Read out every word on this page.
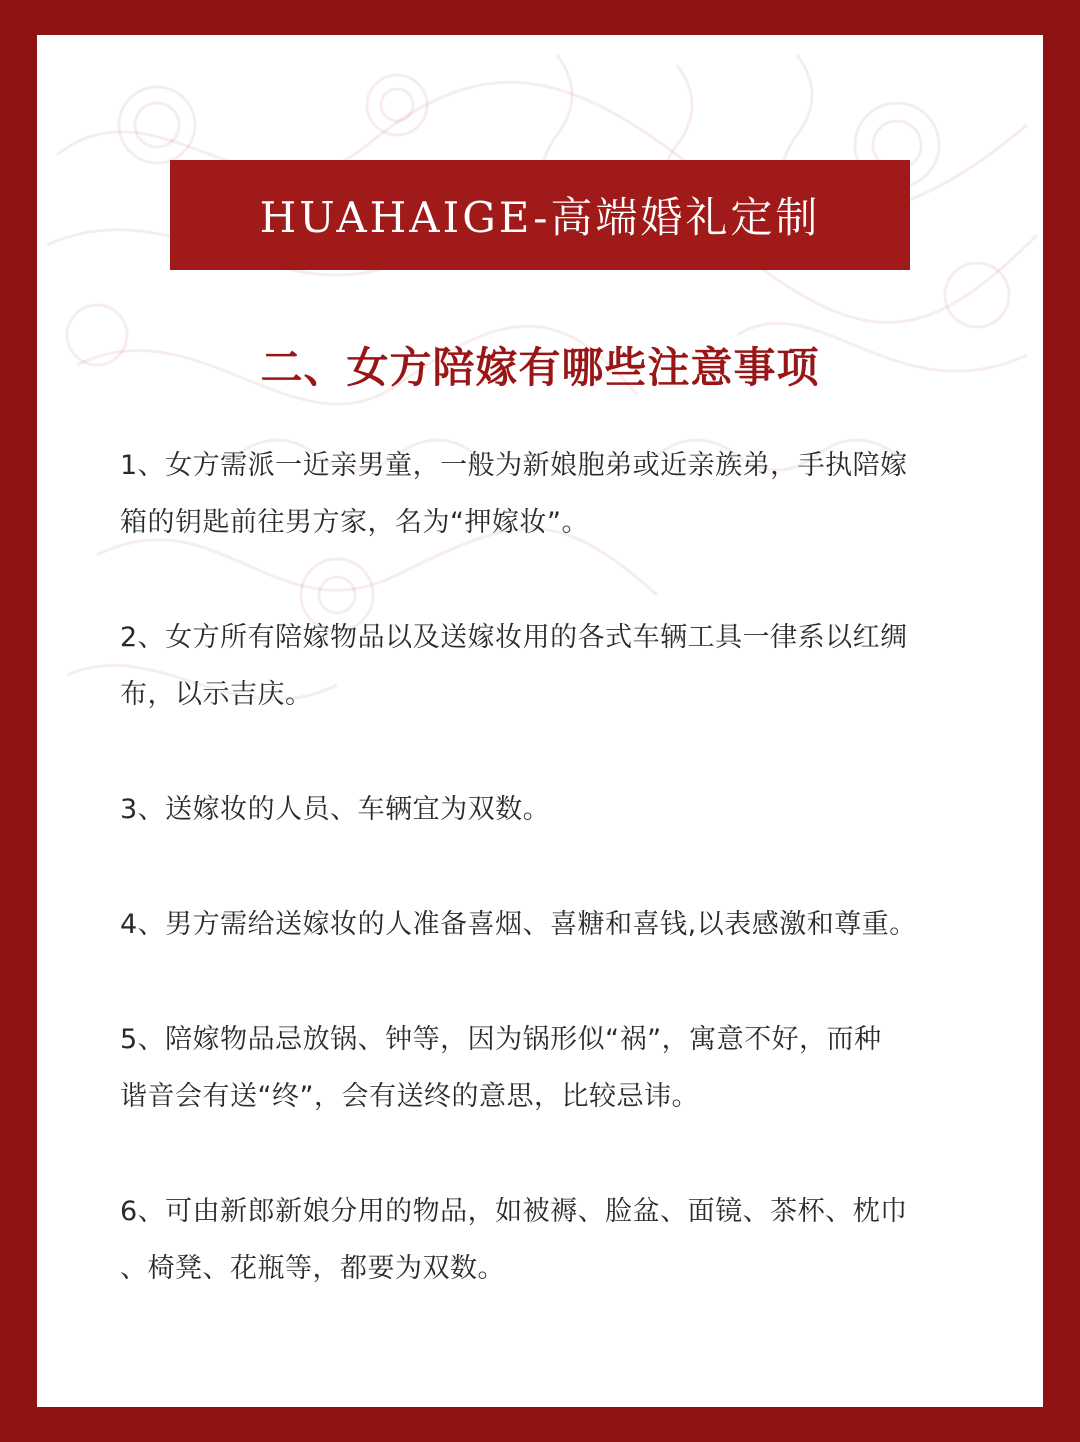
HUAHAIGE-高端婚礼定制
二、女方陪嫁有哪些注意事项
1、女方需派一近亲男童，一般为新娘胞弟或近亲族弟，手执陪嫁
箱的钥匙前往男方家，名为“押嫁妆”。
2、女方所有陪嫁物品以及送嫁妆用的各式车辆工具一律系以红绸
布，以示吉庆。
3、送嫁妆的人员、车辆宜为双数。
4、男方需给送嫁妆的人准备喜烟、喜糖和喜钱,以表感激和尊重。
5、陪嫁物品忌放锅、钟等，因为锅形似“祸”，寓意不好，而种
谐音会有送“终”，会有送终的意思，比较忌讳。
6、可由新郎新娘分用的物品，如被褥、脸盆、面镜、茶杯、枕巾
、椅凳、花瓶等，都要为双数。
